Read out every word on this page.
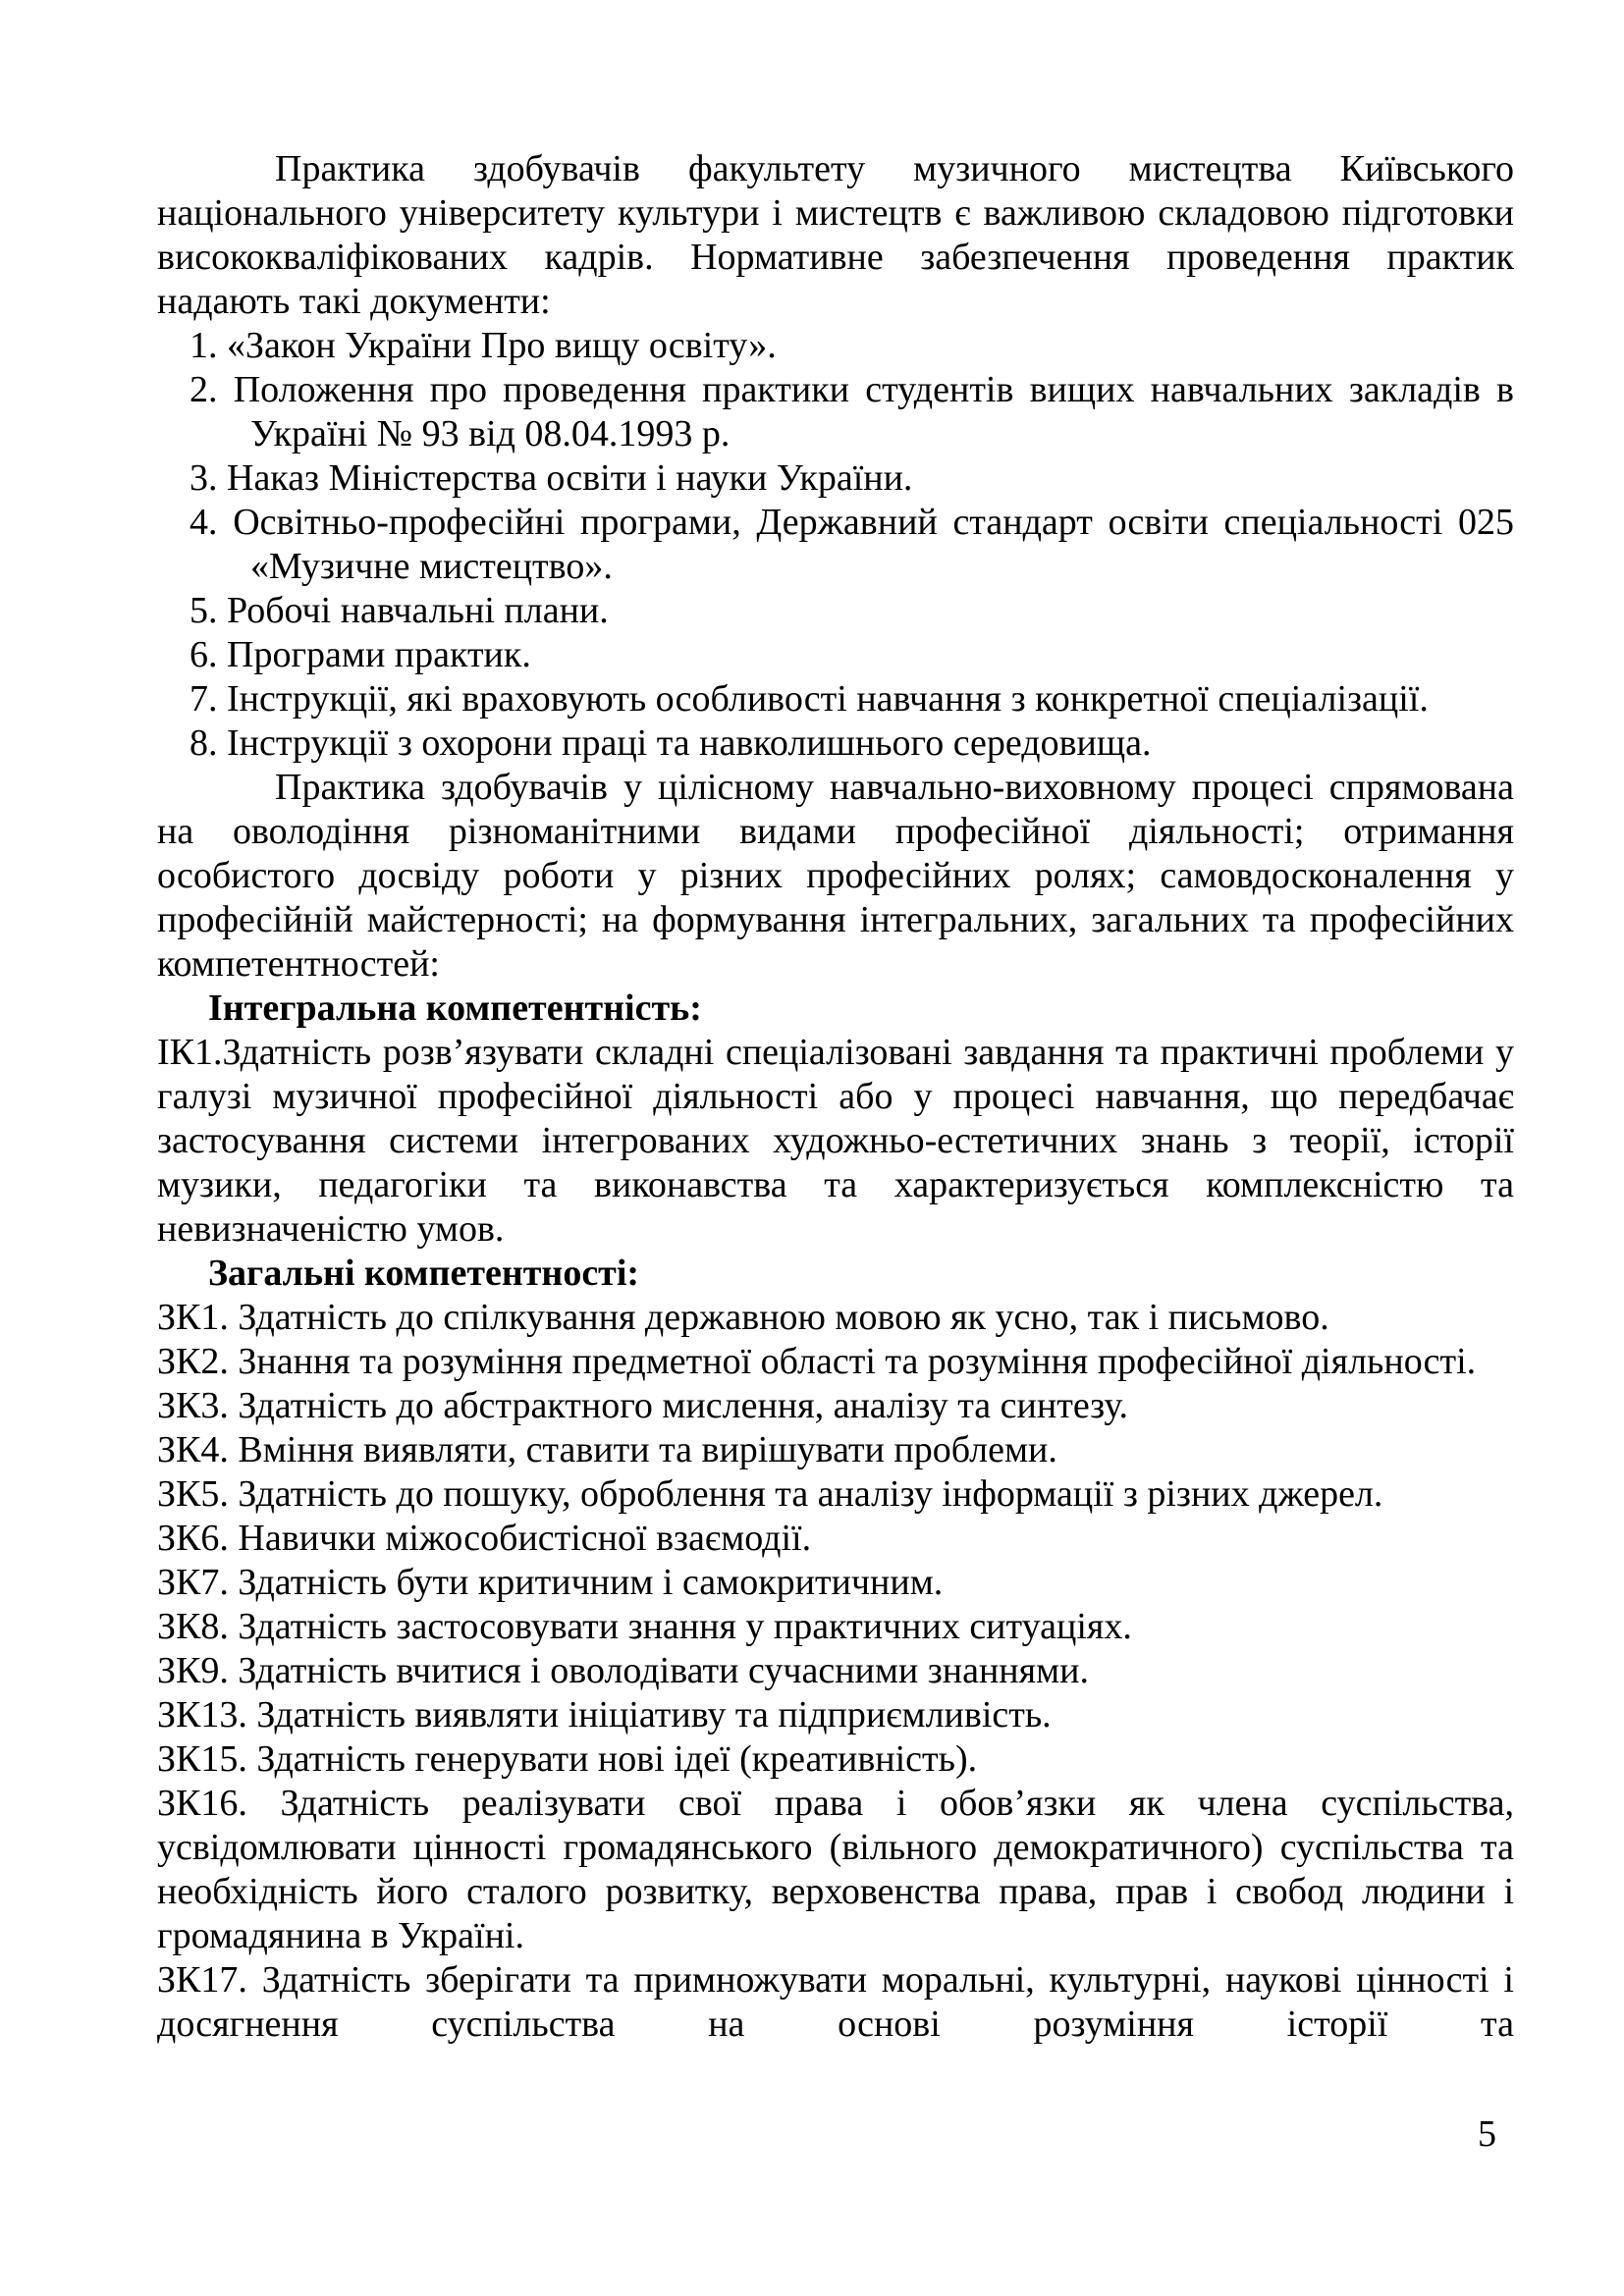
Практика здобувачів факультету музичного мистецтва Київського національного університету культури і мистецтв є важливою складовою підготовки висококваліфікованих кадрів. Нормативне забезпечення проведення практик надають такі документи:
1. «Закон України Про вищу освіту».
2. Положення про проведення практики студентів вищих навчальних закладів в Україні № 93 від 08.04.1993 р.
3. Наказ Міністерства освіти і науки України.
4. Освітньо-професійні програми, Державний стандарт освіти спеціальності 025 «Музичне мистецтво».
5. Робочі навчальні плани.
6. Програми практик.
7. Інструкції, які враховують особливості навчання з конкретної спеціалізації.
8. Інструкції з охорони праці та навколишнього середовища.
Практика здобувачів у цілісному навчально-виховному процесі спрямована на оволодіння різноманітними видами професійної діяльності; отримання особистого досвіду роботи у різних професійних ролях; самовдосконалення у професійній майстерності; на формування інтегральних, загальних та професійних компетентностей:
Інтегральна компетентність:
ІК1.Здатність розв’язувати складні спеціалізовані завдання та практичні проблеми у галузі музичної професійної діяльності або у процесі навчання, що передбачає застосування системи інтегрованих художньо-естетичних знань з теорії, історії музики, педагогіки та виконавства та характеризується комплексністю та невизначеністю умов.
Загальні компетентності:
ЗК1. Здатність до спілкування державною мовою як усно, так і письмово.
ЗК2. Знання та розуміння предметної області та розуміння професійної діяльності.
ЗК3. Здатність до абстрактного мислення, аналізу та синтезу.
ЗК4. Вміння виявляти, ставити та вирішувати проблеми.
ЗК5. Здатність до пошуку, оброблення та аналізу інформації з різних джерел.
ЗК6. Навички міжособистісної взаємодії.
ЗК7. Здатність бути критичним і самокритичним.
ЗК8. Здатність застосовувати знання у практичних ситуаціях.
ЗК9. Здатність вчитися і оволодівати сучасними знаннями.
ЗК13. Здатність виявляти ініціативу та підприємливість.
ЗК15. Здатність генерувати нові ідеї (креативність).
ЗК16. Здатність реалізувати свої права і обов’язки як члена суспільства, усвідомлювати цінності громадянського (вільного демократичного) суспільства та необхідність його сталого розвитку, верховенства права, прав і свобод людини і громадянина в Україні.
ЗК17. Здатність зберігати та примножувати моральні, культурні, наукові цінності і досягнення суспільства на основі розуміння історії та
5
